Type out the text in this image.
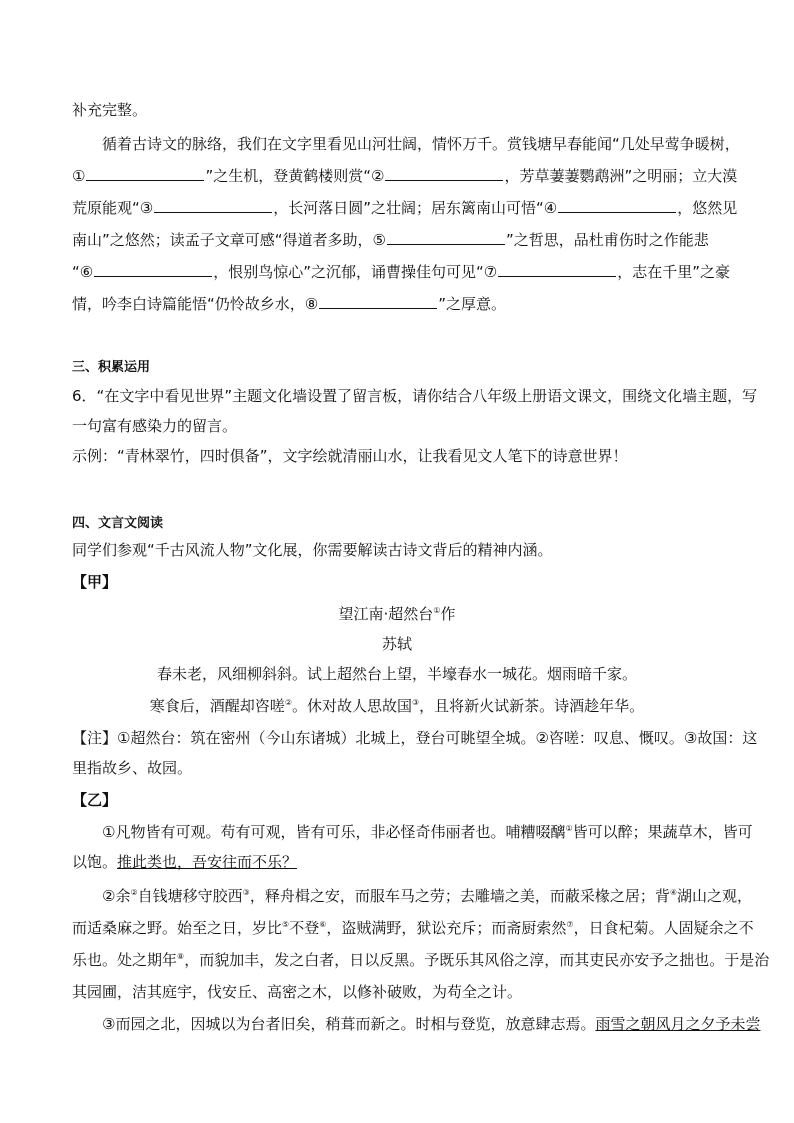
补充完整。
循着古诗文的脉络，我们在文字里看见山河壮阔，情怀万千。赏钱塘早春能闻“几处早莺争暖树，
①	”之生机，登黄鹤楼则赏“②	，芳草萋萋鹦鹉洲”之明丽；立大漠
荒原能观“③	，长河落日圆”之壮阔；居东篱南山可悟“④	，悠然见
南山”之悠然；读孟子文章可感“得道者多助，⑤	”之哲思，品杜甫伤时之作能悲
“⑥	，恨别鸟惊心”之沉郁，诵曹操佳句可见“⑦	，志在千里”之豪
情，吟李白诗篇能悟“仍怜故乡水，⑧	”之厚意。
三、积累运用
6．“在文字中看见世界”主题文化墙设置了留言板，请你结合八年级上册语文课文，围绕文化墙主题，写
一句富有感染力的留言。
示例：“青林翠竹，四时俱备”，文字绘就清丽山水，让我看见文人笔下的诗意世界！
四、文言文阅读
同学们参观“千古风流人物”文化展，你需要解读古诗文背后的精神内涵。
【甲】
望江南·超然台①作
苏轼
春未老，风细柳斜斜。试上超然台上望，半壕春水一城花。烟雨暗千家。
寒食后，酒醒却咨嗟②。休对故人思故国③，且将新火试新茶。诗酒趁年华。
【注】①超然台：筑在密州（今山东诸城）北城上，登台可眺望全城。②咨嗟：叹息、慨叹。③故国：这
里指故乡、故园。
【乙】
①凡物皆有可观。苟有可观，皆有可乐，非必怪奇伟丽者也。哺糟啜醨①皆可以醉；果蔬草木，皆可
以饱。推此类也，吾安往而不乐？
②余②自钱塘移守胶西③，释舟楫之安，而服车马之劳；去雕墙之美，而蔽采椽之居；背④湖山之观，
而适桑麻之野。始至之日，岁比⑤不登⑥，盗贼满野，狱讼充斥；而斋厨索然⑦，日食杞菊。人固疑余之不
乐也。处之期年⑧，而貌加丰，发之白者，日以反黑。予既乐其风俗之淳，而其吏民亦安予之拙也。于是治
其园圃，洁其庭宇，伐安丘、高密之木，以修补破败，为苟全之计。
③而园之北，因城以为台者旧矣，稍葺而新之。时相与登览，放意肆志焉。雨雪之朝风月之夕予未尝
